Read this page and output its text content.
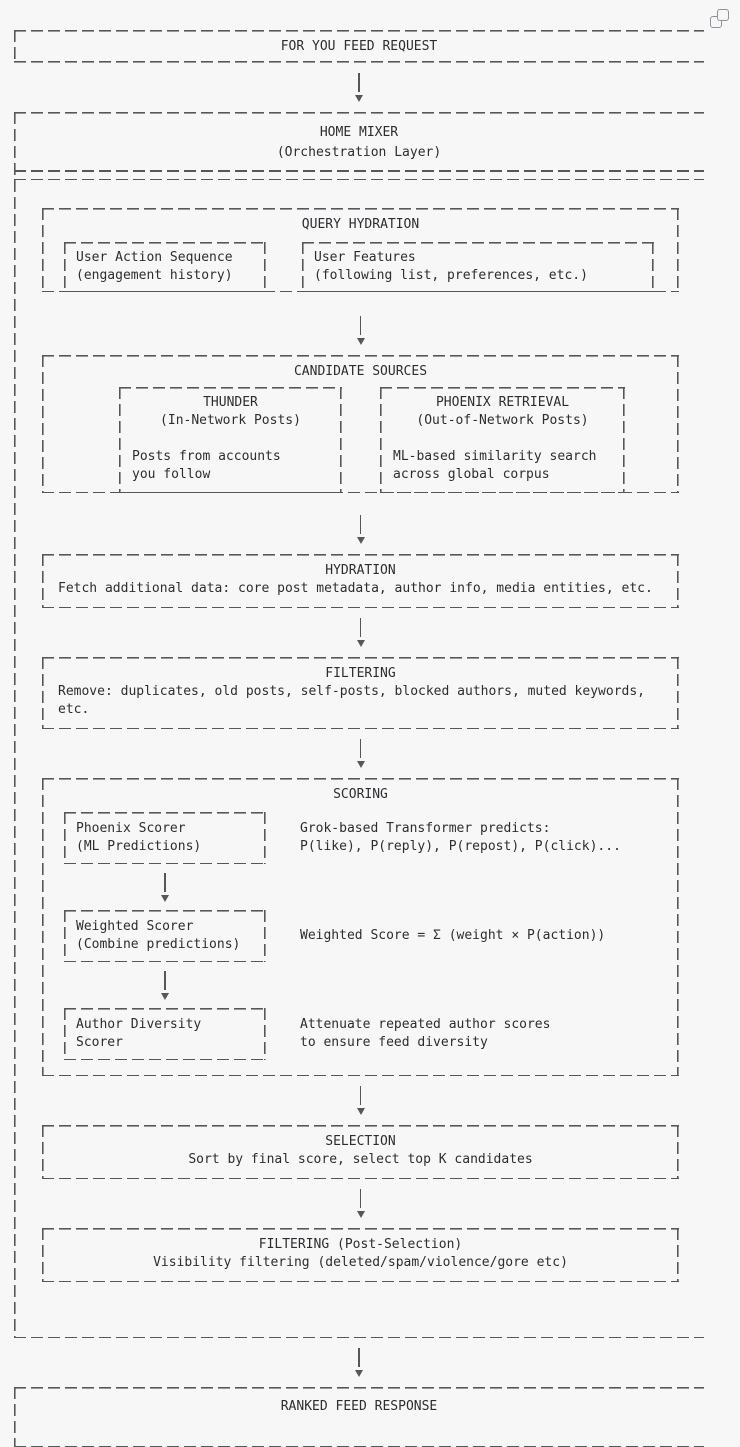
FOR YOU FEED REQUEST
HOME MIXER
(Orchestration Layer)
QUERY HYDRATION
User Action Sequence
(engagement history)
User Features
(following list, preferences, etc.)
CANDIDATE SOURCES
THUNDER
(In-Network Posts)
Posts from accounts
you follow
PHOENIX RETRIEVAL
(Out-of-Network Posts)
ML-based similarity search
across global corpus
HYDRATION
Fetch additional data: core post metadata, author info, media entities, etc.
FILTERING
Remove: duplicates, old posts, self-posts, blocked authors, muted keywords, etc.
SCORING
Phoenix Scorer
(ML Predictions)
Grok-based Transformer predicts:
P(like), P(reply), P(repost), P(click)...
Weighted Scorer
(Combine predictions)
Weighted Score = Σ (weight × P(action))
Author Diversity
Scorer
Attenuate repeated author scores
to ensure feed diversity
SELECTION
Sort by final score, select top K candidates
FILTERING (Post-Selection)
Visibility filtering (deleted/spam/violence/gore etc)
RANKED FEED RESPONSE
